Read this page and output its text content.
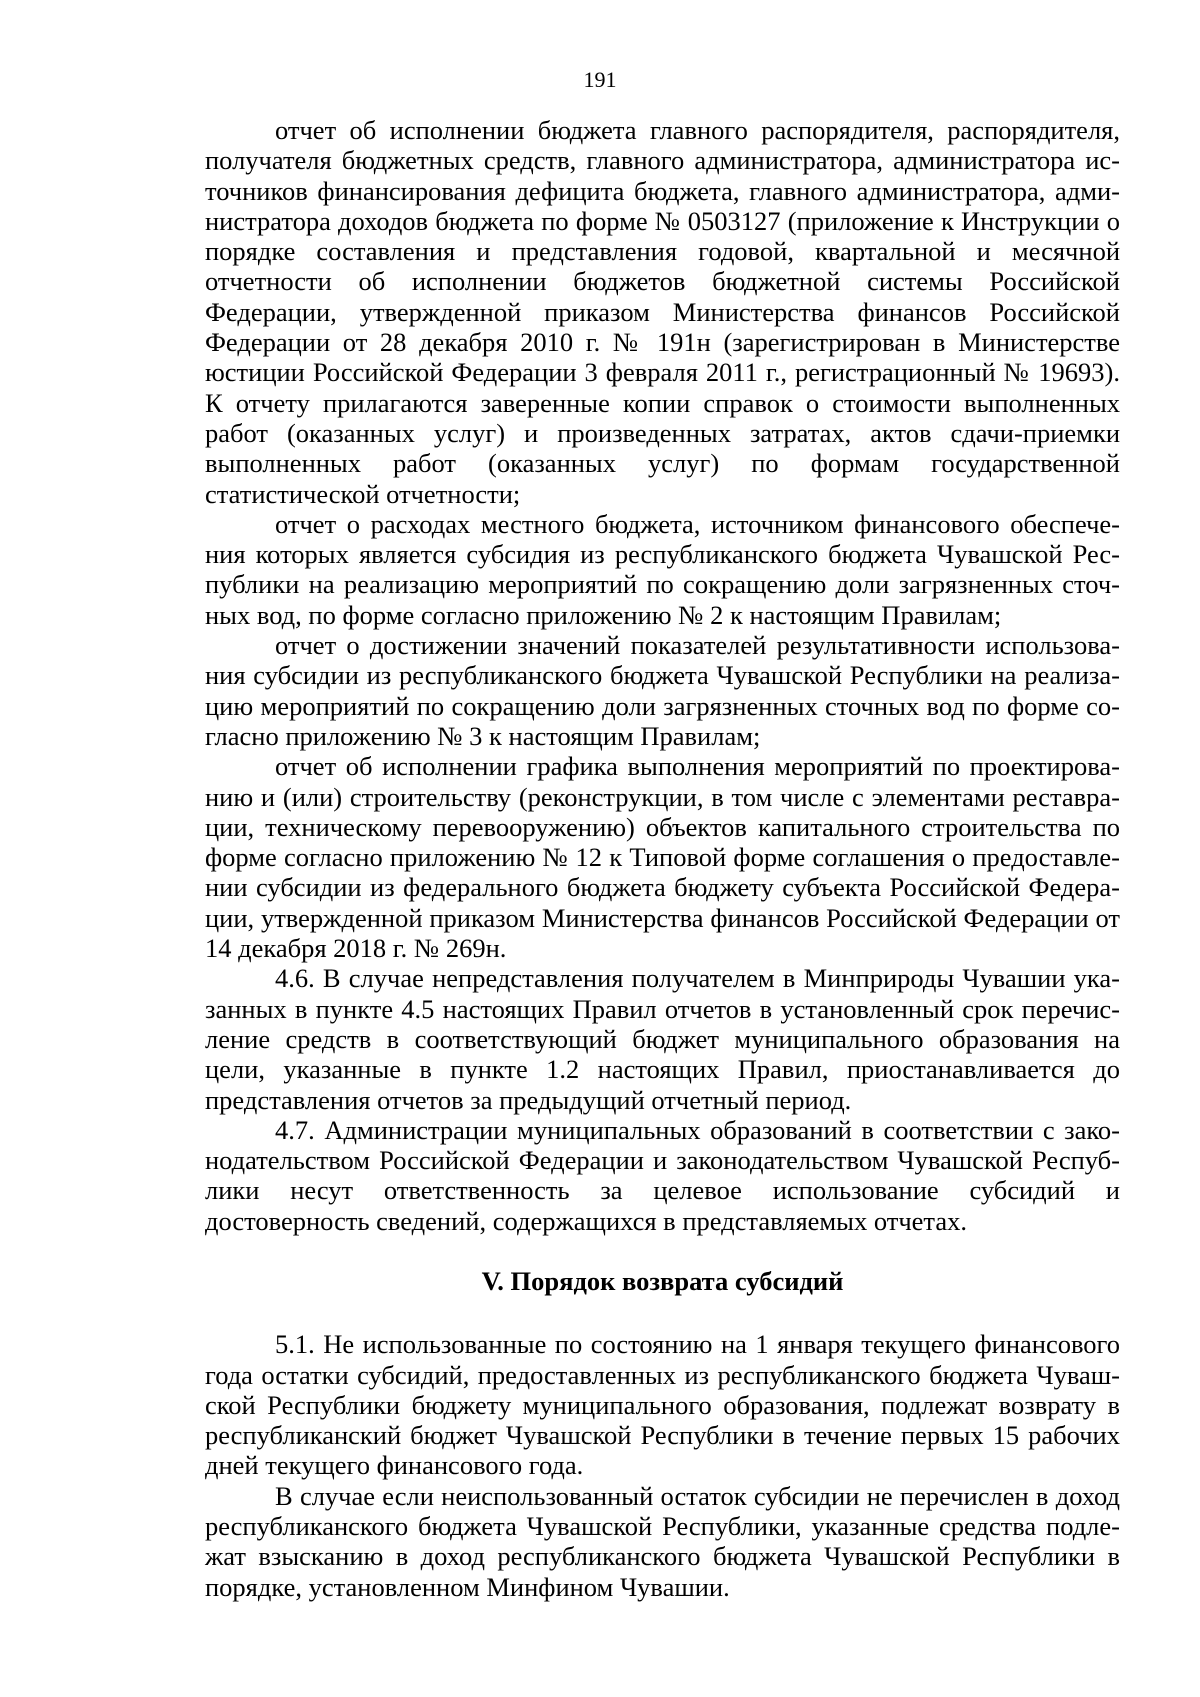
191

отчет об исполнении бюджета главного распорядителя, распорядителя, получателя бюджетных средств, главного администратора, администратора источников финансирования дефицита бюджета, главного администратора, администратора доходов бюджета по форме № 0503127 (приложение к Инструкции о порядке составления и представления годовой, квартальной и месячной отчетности об исполнении бюджетов бюджетной системы Российской Федерации, утвержденной приказом Министерства финансов Российской Федерации от 28 декабря 2010 г. № 191н (зарегистрирован в Министерстве юстиции Российской Федерации 3 февраля 2011 г., регистрационный № 19693). К отчету прилагаются заверенные копии справок о стоимости выполненных работ (оказанных услуг) и произведенных затратах, актов сдачи-приемки выполненных работ (оказанных услуг) по формам государственной статистической отчетности;

отчет о расходах местного бюджета, источником финансового обеспечения которых является субсидия из республиканского бюджета Чувашской Республики на реализацию мероприятий по сокращению доли загрязненных сточных вод, по форме согласно приложению № 2 к настоящим Правилам;

отчет о достижении значений показателей результативности использования субсидии из республиканского бюджета Чувашской Республики на реализацию мероприятий по сокращению доли загрязненных сточных вод по форме согласно приложению № 3 к настоящим Правилам;

отчет об исполнении графика выполнения мероприятий по проектированию и (или) строительству (реконструкции, в том числе с элементами реставрации, техническому перевооружению) объектов капитального строительства по форме согласно приложению № 12 к Типовой форме соглашения о предоставлении субсидии из федерального бюджета бюджету субъекта Российской Федерации, утвержденной приказом Министерства финансов Российской Федерации от 14 декабря 2018 г. № 269н.

4.6. В случае непредставления получателем в Минприроды Чувашии указанных в пункте 4.5 настоящих Правил отчетов в установленный срок перечисление средств в соответствующий бюджет муниципального образования на цели, указанные в пункте 1.2 настоящих Правил, приостанавливается до представления отчетов за предыдущий отчетный период.

4.7. Администрации муниципальных образований в соответствии с законодательством Российской Федерации и законодательством Чувашской Республики несут ответственность за целевое использование субсидий и достоверность сведений, содержащихся в представляемых отчетах.

V. Порядок возврата субсидий

5.1. Не использованные по состоянию на 1 января текущего финансового года остатки субсидий, предоставленных из республиканского бюджета Чувашской Республики бюджету муниципального образования, подлежат возврату в республиканский бюджет Чувашской Республики в течение первых 15 рабочих дней текущего финансового года.

В случае если неиспользованный остаток субсидии не перечислен в доход республиканского бюджета Чувашской Республики, указанные средства подлежат взысканию в доход республиканского бюджета Чувашской Республики в порядке, установленном Минфином Чувашии.
